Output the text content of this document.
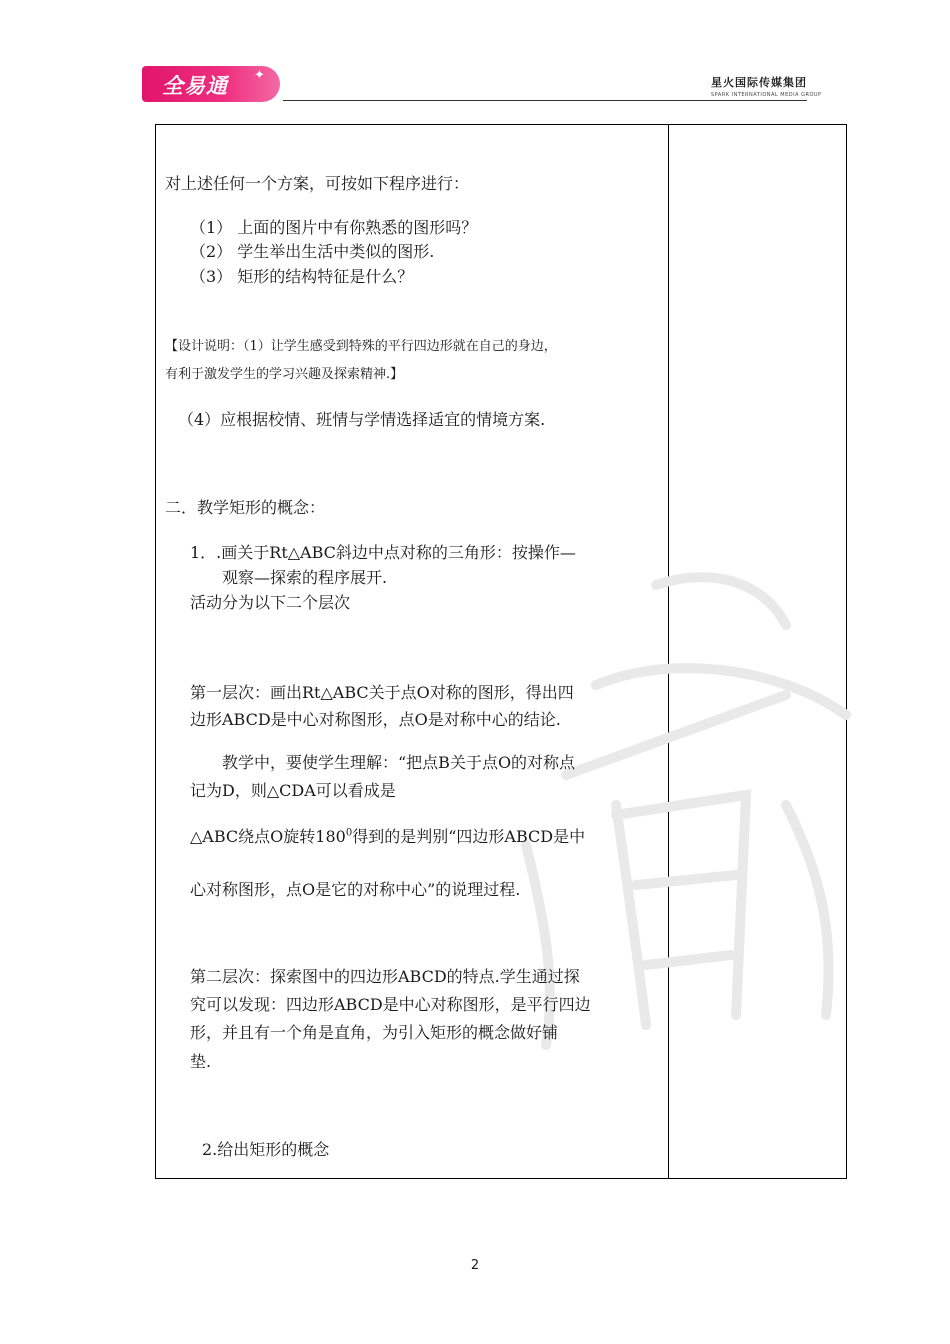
全易通 ✦	星火国际传媒集团
SPARK INTERNATIONAL MEDIA GROUP
对上述任何一个方案，可按如下程序进行：
（1） 上面的图片中有你熟悉的图形吗？
（2） 学生举出生活中类似的图形.
（3） 矩形的结构特征是什么？
【设计说明：（1）让学生感受到特殊的平行四边形就在自己的身边，
有利于激发学生的学习兴趣及探索精神.】
（4）应根据校情、班情与学情选择适宜的情境方案.
二．教学矩形的概念：
1．.画关于Rt△ABC斜边中点对称的三角形：按操作—
观察—探索的程序展开.
活动分为以下二个层次
第一层次：画出Rt△ABC关于点O对称的图形，得出四
边形ABCD是中心对称图形，点O是对称中心的结论.
教学中，要使学生理解：“把点B关于点O的对称点
记为D，则△CDA可以看成是
△ABC绕点O旋转$180^0$得到的是判别“四边形ABCD是中
心对称图形，点O是它的对称中心”的说理过程.
第二层次：探索图中的四边形ABCD的特点.学生通过探
究可以发现：四边形ABCD是中心对称图形，是平行四边
形，并且有一个角是直角，为引入矩形的概念做好铺
垫.
2.给出矩形的概念
2
